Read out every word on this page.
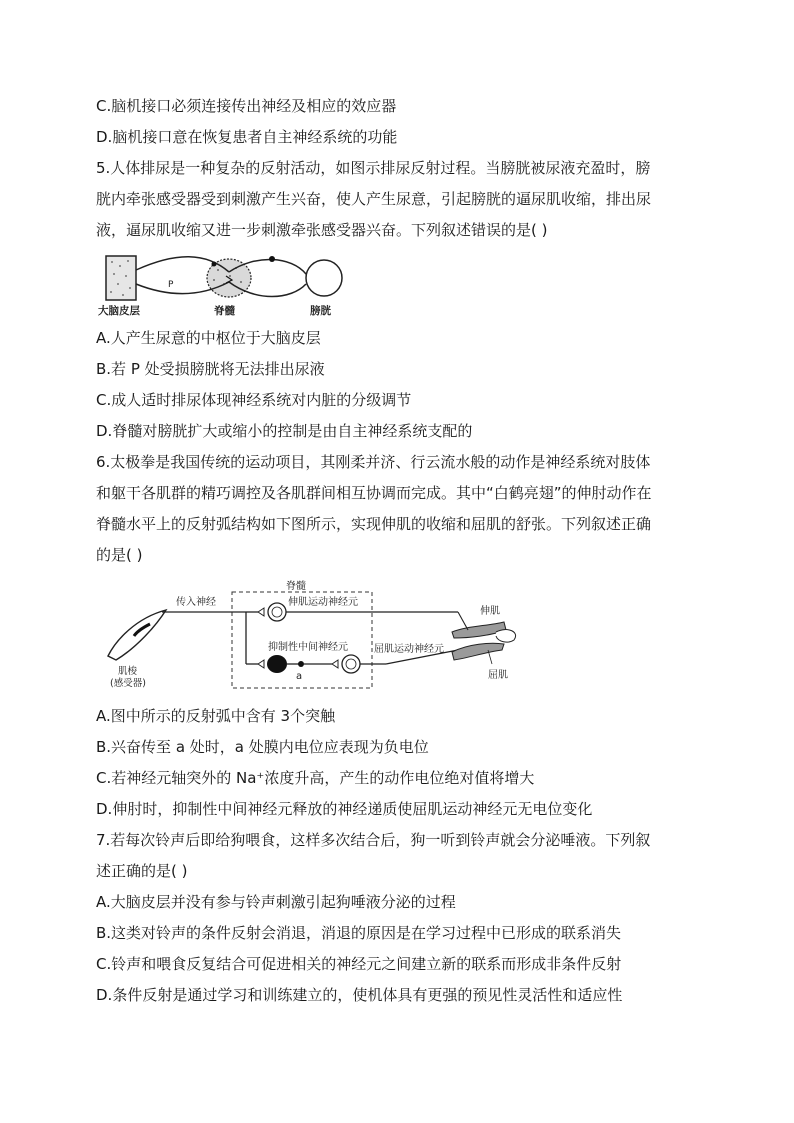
C.脑机接口必须连接传出神经及相应的效应器
D.脑机接口意在恢复患者自主神经系统的功能
5.人体排尿是一种复杂的反射活动，如图示排尿反射过程。当膀胱被尿液充盈时，膀
胱内牵张感受器受到刺激产生兴奋，使人产生尿意，引起膀胱的逼尿肌收缩，排出尿
液，逼尿肌收缩又进一步刺激牵张感受器兴奋。下列叙述错误的是( )
P
大脑皮层	脊髓	膀胱
A.人产生尿意的中枢位于大脑皮层
B.若 P 处受损膀胱将无法排出尿液
C.成人适时排尿体现神经系统对内脏的分级调节
D.脊髓对膀胱扩大或缩小的控制是由自主神经系统支配的
6.太极拳是我国传统的运动项目，其刚柔并济、行云流水般的动作是神经系统对肢体
和躯干各肌群的精巧调控及各肌群间相互协调而完成。其中“白鹤亮翅”的伸肘动作在
脊髓水平上的反射弧结构如下图所示，实现伸肌的收缩和屈肌的舒张。下列叙述正确
的是( )
脊髓
肌梭
(感受器)
传入神经	伸肌运动神经元
a
抑制性中间神经元	屈肌运动神经元
伸肌
屈肌
A.图中所示的反射弧中含有 3个突触
B.兴奋传至 a 处时，a 处膜内电位应表现为负电位
C.若神经元轴突外的 Na⁺浓度升高，产生的动作电位绝对值将增大
D.伸肘时，抑制性中间神经元释放的神经递质使屈肌运动神经元无电位变化
7.若每次铃声后即给狗喂食，这样多次结合后，狗一听到铃声就会分泌唾液。下列叙
述正确的是( )
A.大脑皮层并没有参与铃声刺激引起狗唾液分泌的过程
B.这类对铃声的条件反射会消退，消退的原因是在学习过程中已形成的联系消失
C.铃声和喂食反复结合可促进相关的神经元之间建立新的联系而形成非条件反射
D.条件反射是通过学习和训练建立的，使机体具有更强的预见性灵活性和适应性
